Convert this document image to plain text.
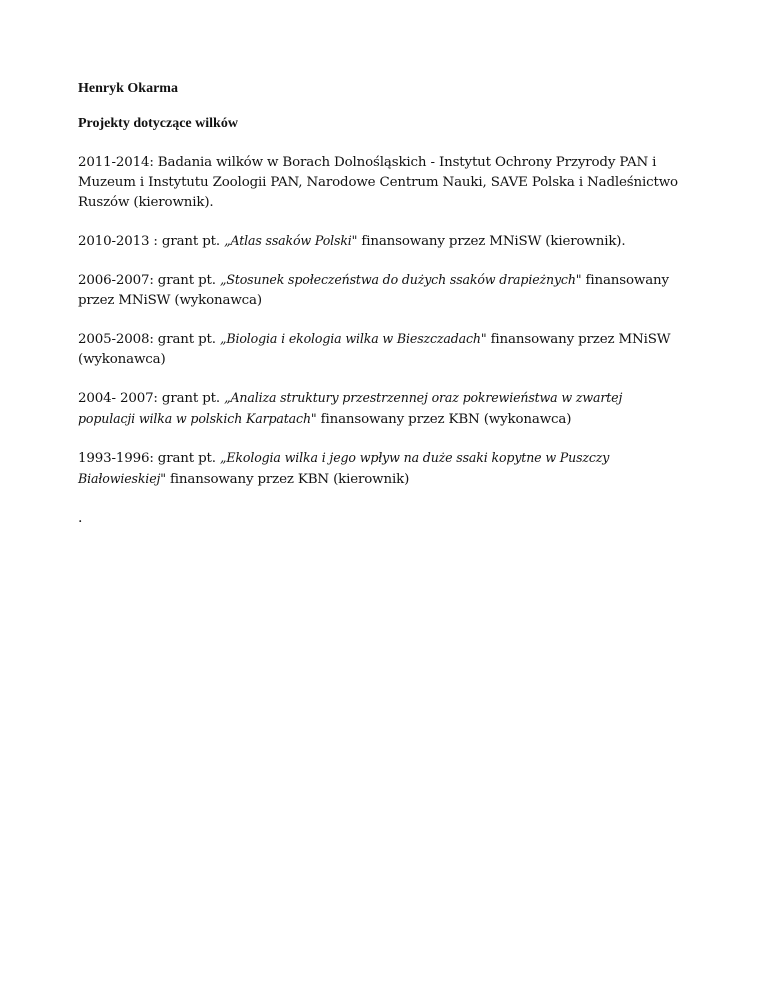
Henryk Okarma

Projekty dotyczące wilków

2011-2014: Badania wilków w Borach Dolnośląskich - Instytut Ochrony Przyrody PAN i Muzeum i Instytutu Zoologii PAN, Narodowe Centrum Nauki, SAVE Polska i Nadleśnictwo Ruszów (kierownik).

2010-2013 : grant pt. „Atlas ssaków Polski" finansowany przez MNiSW (kierownik).

2006-2007: grant pt. „Stosunek społeczeństwa do dużych ssaków drapieżnych" finansowany przez MNiSW (wykonawca)

2005-2008: grant pt. „Biologia i ekologia wilka w Bieszczadach" finansowany przez MNiSW (wykonawca)

2004- 2007: grant pt. „Analiza struktury przestrzennej oraz pokrewieństwa w zwartej populacji wilka w polskich Karpatach" finansowany przez KBN (wykonawca)

1993-1996: grant pt. „Ekologia wilka i jego wpływ na duże ssaki kopytne w Puszczy Białowieskiej" finansowany przez KBN (kierownik)

.
